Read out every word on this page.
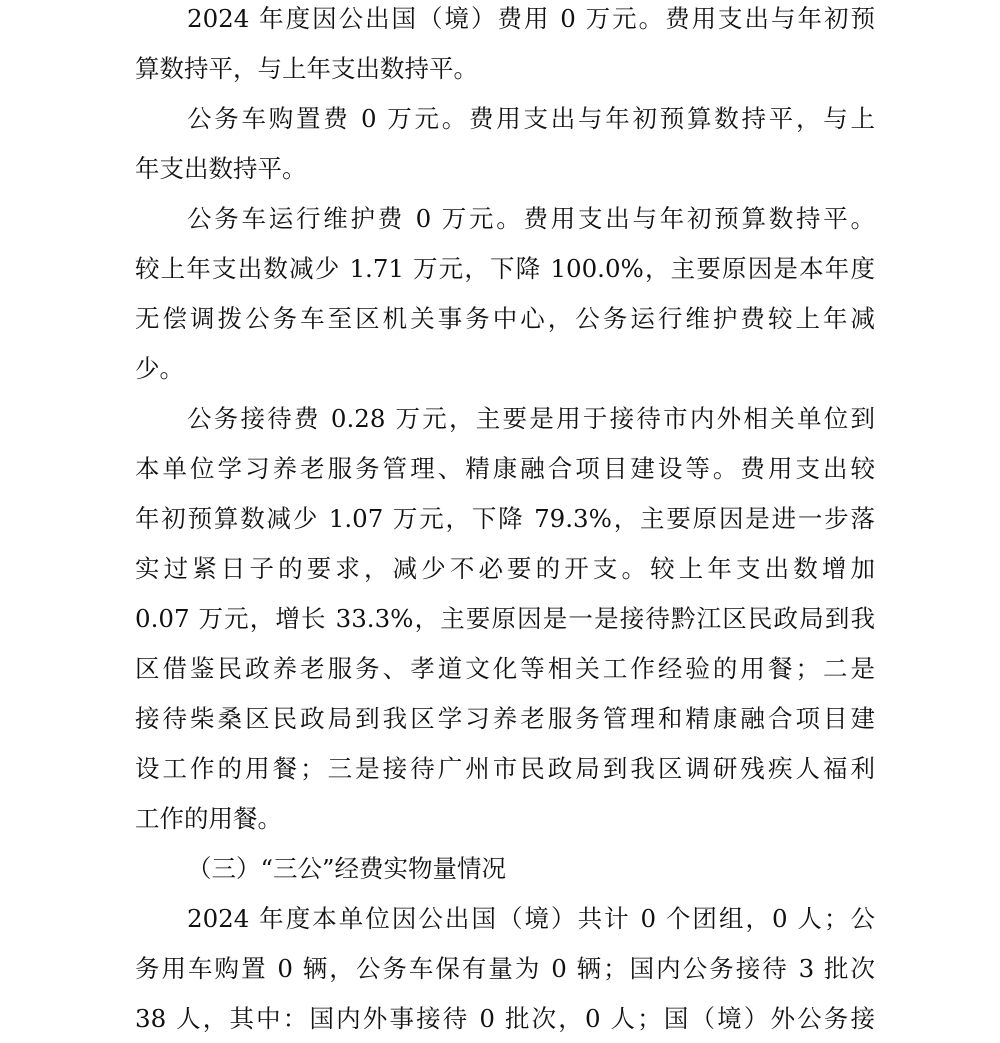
2024 年度因公出国（境）费用 0 万元。费用支出与年初预
算数持平，与上年支出数持平。
公务车购置费 0 万元。费用支出与年初预算数持平，与上
年支出数持平。
公务车运行维护费 0 万元。费用支出与年初预算数持平。
较上年支出数减少 1.71 万元，下降 100.0%，主要原因是本年度
无偿调拨公务车至区机关事务中心，公务运行维护费较上年减
少。
公务接待费 0.28 万元，主要是用于接待市内外相关单位到
本单位学习养老服务管理、精康融合项目建设等。费用支出较
年初预算数减少 1.07 万元，下降 79.3%，主要原因是进一步落
实过紧日子的要求，减少不必要的开支。较上年支出数增加
0.07 万元，增长 33.3%，主要原因是一是接待黔江区民政局到我
区借鉴民政养老服务、孝道文化等相关工作经验的用餐；二是
接待柴桑区民政局到我区学习养老服务管理和精康融合项目建
设工作的用餐；三是接待广州市民政局到我区调研残疾人福利
工作的用餐。
（三）“三公”经费实物量情况
2024 年度本单位因公出国（境）共计 0 个团组，0 人；公
务用车购置 0 辆，公务车保有量为 0 辆；国内公务接待 3 批次
38 人，其中：国内外事接待 0 批次，0 人；国（境）外公务接
